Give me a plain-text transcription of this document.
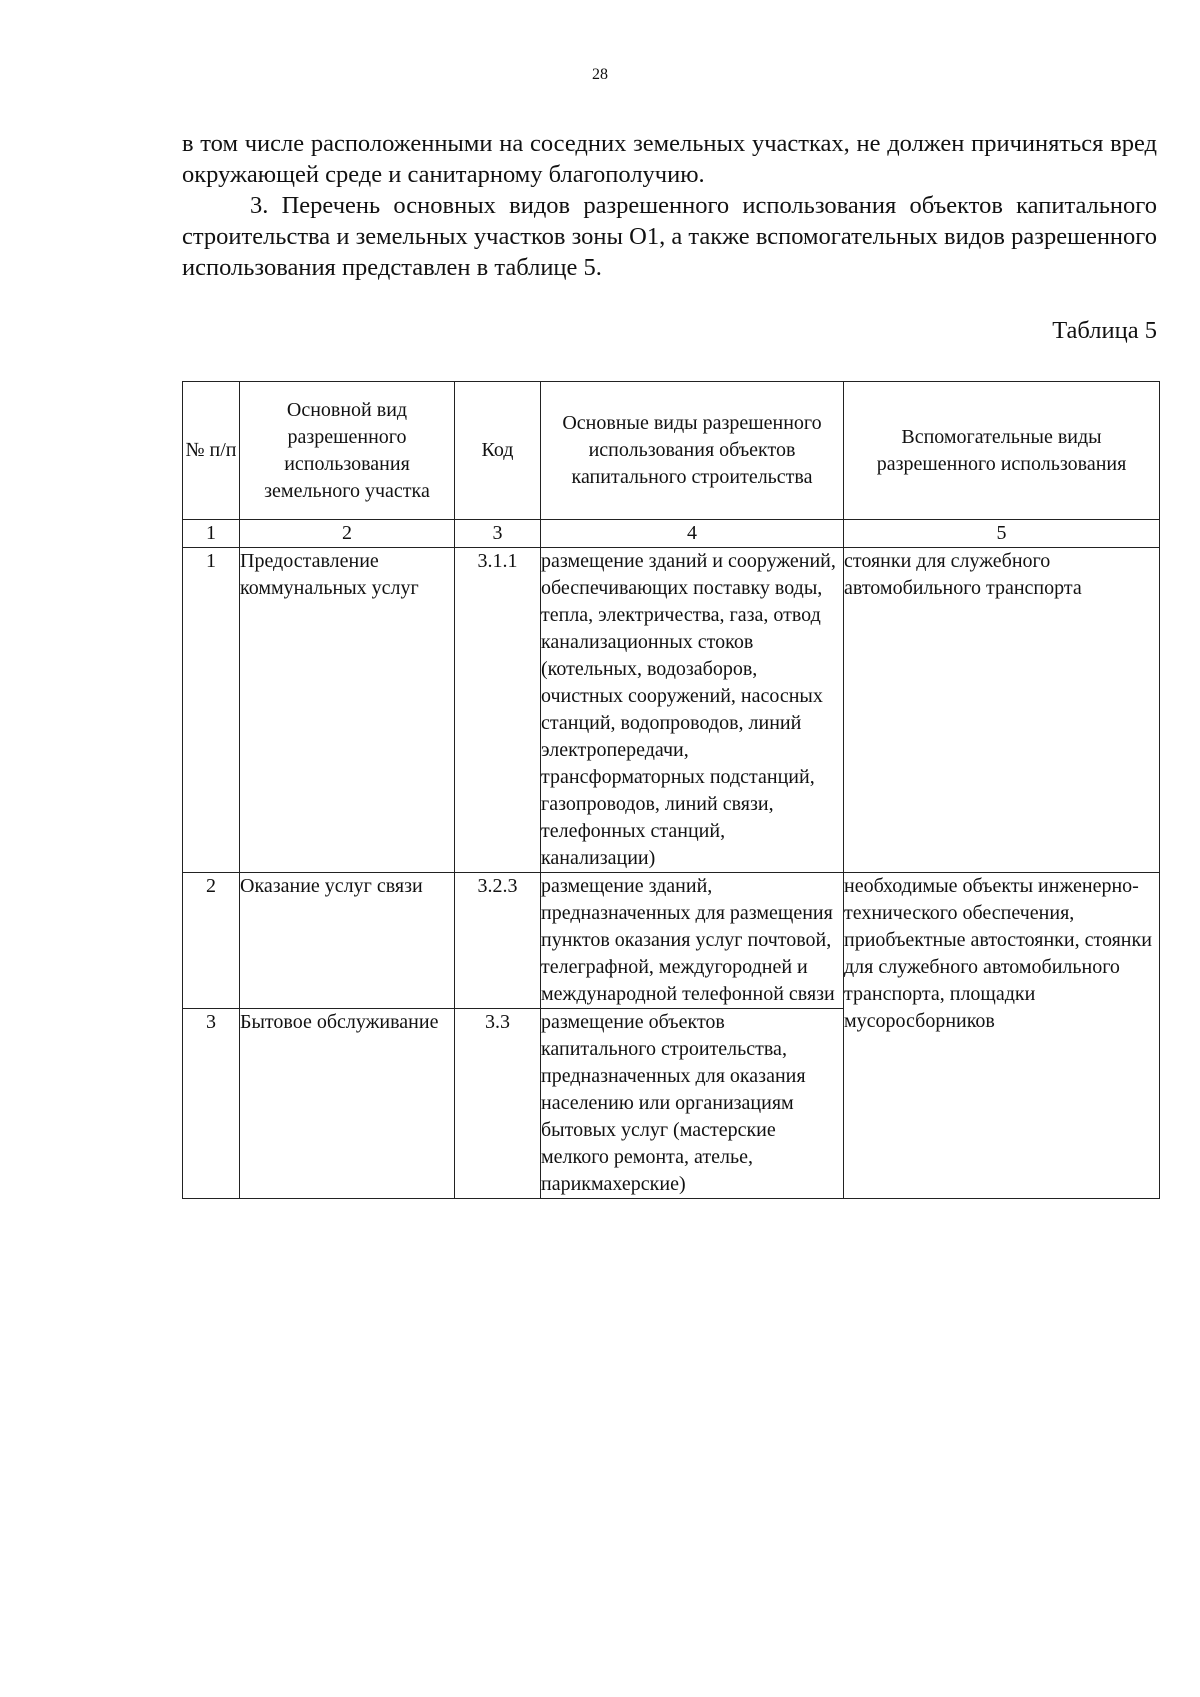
28

в том числе расположенными на соседних земельных участках, не должен причиняться вред окружающей среде и санитарному благополучию.

3. Перечень основных видов разрешенного использования объектов капитального строительства и земельных участков зоны О1, а также вспомогательных видов разрешенного использования представлен в таблице 5.

Таблица 5
№ п/п	Основной вид разрешенного использования земельного участка	Код	Основные виды разрешенного использования объектов капитального строительства	Вспомогательные виды разрешенного использования
1	2	3	4	5
1	Предоставление коммунальных услуг	3.1.1	размещение зданий и сооружений, обеспечивающих поставку воды, тепла, электричества, газа, отвод канализационных стоков (котельных, водозаборов, очистных сооружений, насосных станций, водопроводов, линий электропередачи, трансформаторных подстанций, газопроводов, линий связи, телефонных станций, канализации)	стоянки для служебного автомобильного транспорта
2	Оказание услуг связи	3.2.3	размещение зданий, предназначенных для размещения пунктов оказания услуг почтовой, телеграфной, междугородней и международной телефонной связи	необходимые объекты инженерно-технического обеспечения, приобъектные автостоянки, стоянки для служебного автомобильного транспорта, площадки мусоросборников
3	Бытовое обслуживание	3.3	размещение объектов капитального строительства, предназначенных для оказания населению или организациям бытовых услуг (мастерские мелкого ремонта, ателье, парикмахерские)	
